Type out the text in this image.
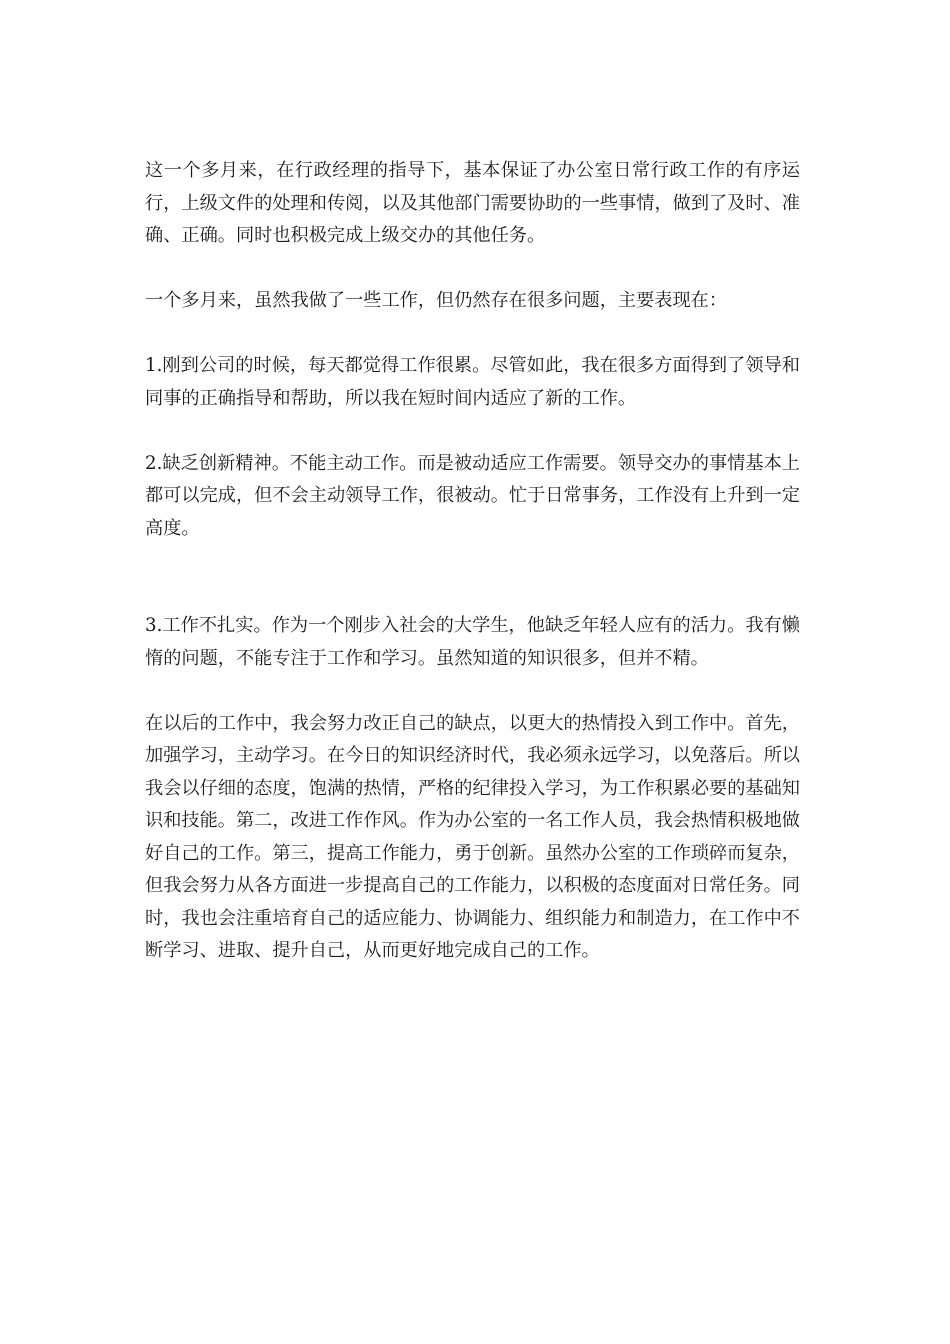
这一个多月来，在行政经理的指导下，基本保证了办公室日常行政工作的有序运行，上级文件的处理和传阅，以及其他部门需要协助的一些事情，做到了及时、准确、正确。同时也积极完成上级交办的其他任务。

一个多月来，虽然我做了一些工作，但仍然存在很多问题，主要表现在：

1.刚到公司的时候，每天都觉得工作很累。尽管如此，我在很多方面得到了领导和同事的正确指导和帮助，所以我在短时间内适应了新的工作。

2.缺乏创新精神。不能主动工作。而是被动适应工作需要。领导交办的事情基本上都可以完成，但不会主动领导工作，很被动。忙于日常事务，工作没有上升到一定高度。

3.工作不扎实。作为一个刚步入社会的大学生，他缺乏年轻人应有的活力。我有懒惰的问题，不能专注于工作和学习。虽然知道的知识很多，但并不精。

在以后的工作中，我会努力改正自己的缺点，以更大的热情投入到工作中。首先，加强学习，主动学习。在今日的知识经济时代，我必须永远学习，以免落后。所以我会以仔细的态度，饱满的热情，严格的纪律投入学习，为工作积累必要的基础知识和技能。第二，改进工作作风。作为办公室的一名工作人员，我会热情积极地做好自己的工作。第三，提高工作能力，勇于创新。虽然办公室的工作琐碎而复杂，但我会努力从各方面进一步提高自己的工作能力，以积极的态度面对日常任务。同时，我也会注重培育自己的适应能力、协调能力、组织能力和制造力，在工作中不断学习、进取、提升自己，从而更好地完成自己的工作。
